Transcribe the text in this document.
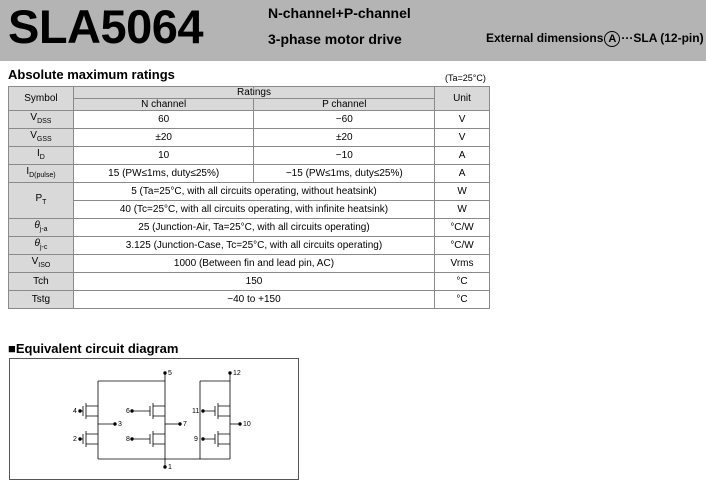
SLA5064	N-channel+P-channel
3-phase motor drive	External dimensions A ···SLA (12-pin)
Absolute maximum ratings	(Ta=25°C)
Symbol	Ratings		Unit
	N channel	P channel	
$V_{DSS}$	60	−60	V
$V_{GSS}$	±20	±20	V
$I_D$	10	−10	A
$I_{D(pulse)}$	15 (PW≤1ms, duty≤25%)	−15 (PW≤1ms, duty≤25%)	A
$P_T$	5 (Ta=25°C, with all circuits operating, without heatsink)		W
	40 (Tc=25°C, with all circuits operating, with infinite heatsink)		W
$\theta_{j-a}$	25 (Junction-Air, Ta=25°C, with all circuits operating)		°C/W
$\theta_{j-c}$	3.125 (Junction-Case, Tc=25°C, with all circuits operating)		°C/W
$V_{ISO}$	1000 (Between fin and lead pin, AC)		Vrms
Tch	150		°C
Tstg	−40 to +150		°C
■Equivalent circuit diagram
5
1
12
4
2
3
6
8
7
11
9
10
